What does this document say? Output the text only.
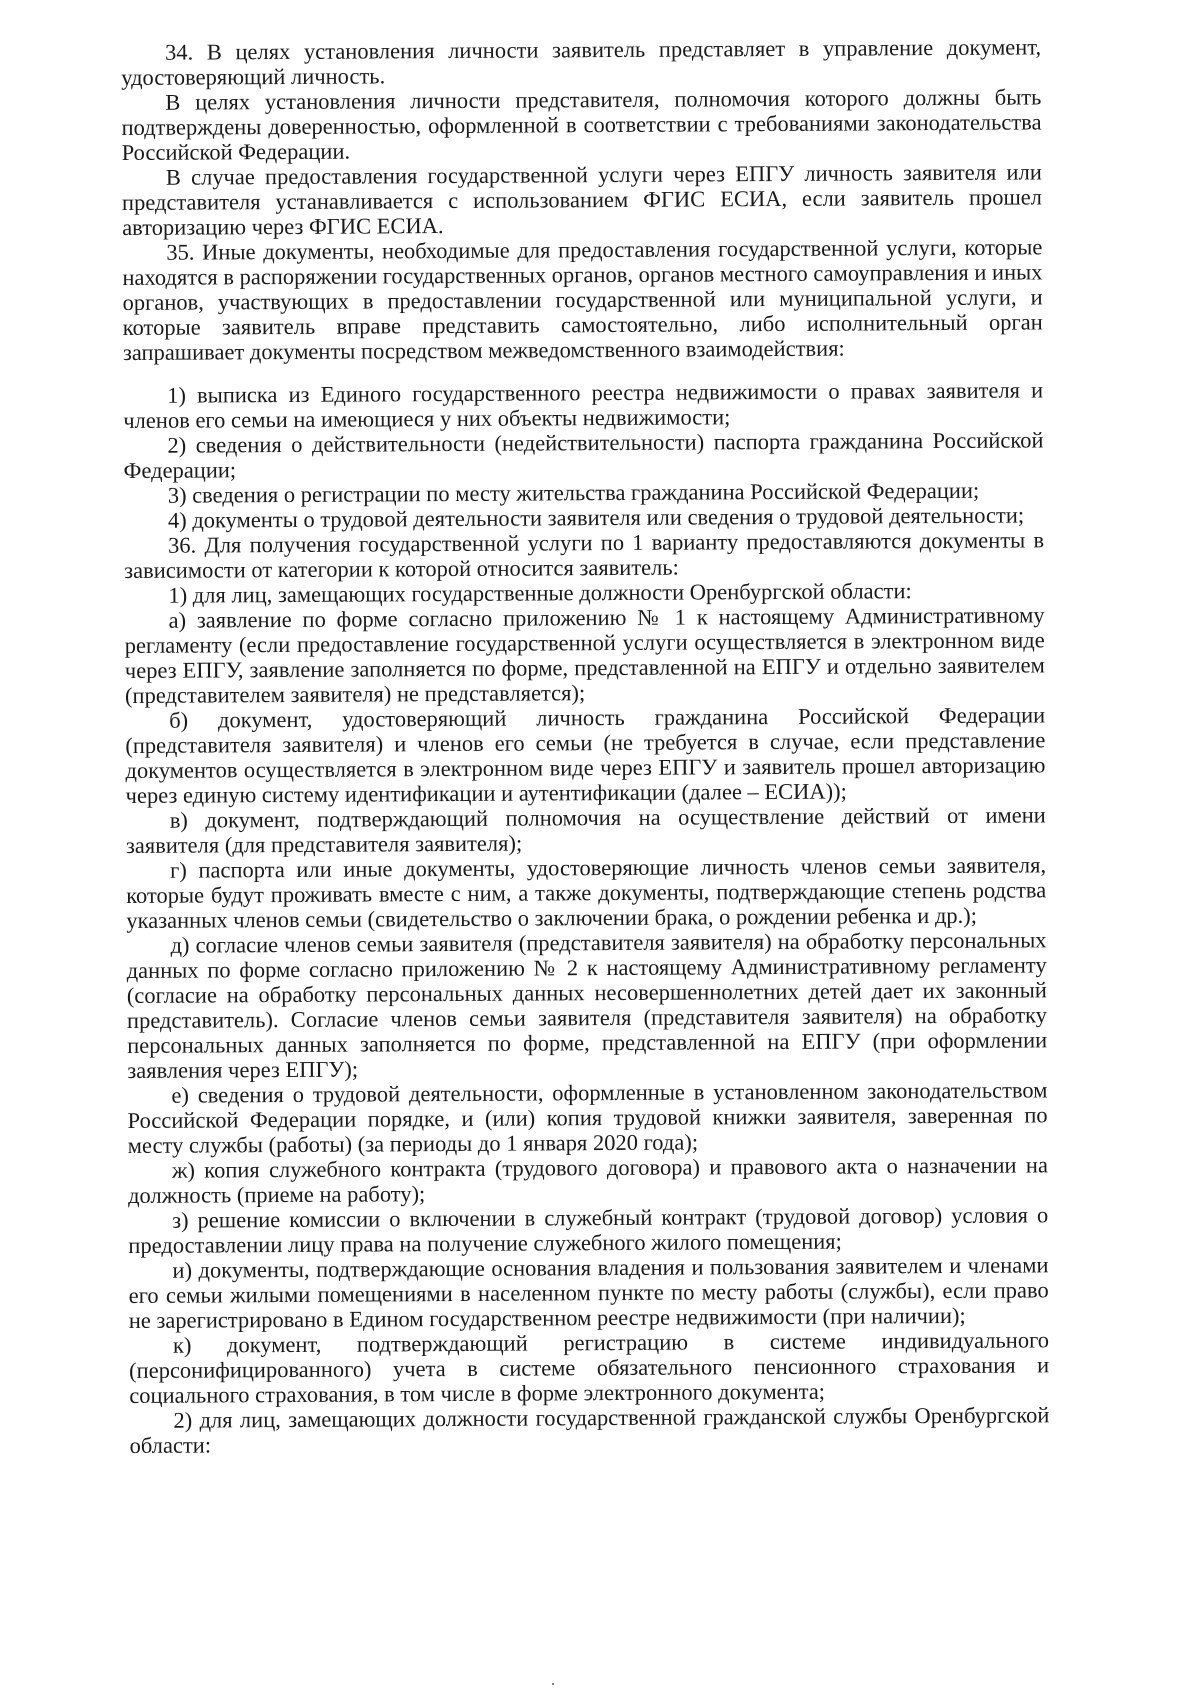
34. В целях установления личности заявитель представляет в управление документ, удостоверяющий личность.

В целях установления личности представителя, полномочия которого должны быть подтверждены доверенностью, оформленной в соответствии с требованиями законодательства Российской Федерации.

В случае предоставления государственной услуги через ЕПГУ личность заявителя или представителя устанавливается с использованием ФГИС ЕСИА, если заявитель прошел авторизацию через ФГИС ЕСИА.

35. Иные документы, необходимые для предоставления государственной услуги, которые находятся в распоряжении государственных органов, органов местного самоуправления и иных органов, участвующих в предоставлении государственной или муниципальной услуги, и которые заявитель вправе представить самостоятельно, либо исполнительный орган запрашивает документы посредством межведомственного взаимодействия:

1) выписка из Единого государственного реестра недвижимости о правах заявителя и членов его семьи на имеющиеся у них объекты недвижимости;

2) сведения о действительности (недействительности) паспорта гражданина Российской Федерации;

3) сведения о регистрации по месту жительства гражданина Российской Федерации;

4) документы о трудовой деятельности заявителя или сведения о трудовой деятельности;

36. Для получения государственной услуги по 1 варианту предоставляются документы в зависимости от категории к которой относится заявитель:

1) для лиц, замещающих государственные должности Оренбургской области:

а) заявление по форме согласно приложению № 1 к настоящему Административному регламенту (если предоставление государственной услуги осуществляется в электронном виде через ЕПГУ, заявление заполняется по форме, представленной на ЕПГУ и отдельно заявителем (представителем заявителя) не представляется);

б) документ, удостоверяющий личность гражданина Российской Федерации (представителя заявителя) и членов его семьи (не требуется в случае, если представление документов осуществляется в электронном виде через ЕПГУ и заявитель прошел авторизацию через единую систему идентификации и аутентификации (далее – ЕСИА));

в) документ, подтверждающий полномочия на осуществление действий от имени заявителя (для представителя заявителя);

г) паспорта или иные документы, удостоверяющие личность членов семьи заявителя, которые будут проживать вместе с ним, а также документы, подтверждающие степень родства указанных членов семьи (свидетельство о заключении брака, о рождении ребенка и др.);

д) согласие членов семьи заявителя (представителя заявителя) на обработку персональных данных по форме согласно приложению № 2 к настоящему Административному регламенту (согласие на обработку персональных данных несовершеннолетних детей дает их законный представитель). Согласие членов семьи заявителя (представителя заявителя) на обработку персональных данных заполняется по форме, представленной на ЕПГУ (при оформлении заявления через ЕПГУ);

е) сведения о трудовой деятельности, оформленные в установленном законодательством Российской Федерации порядке, и (или) копия трудовой книжки заявителя, заверенная по месту службы (работы) (за периоды до 1 января 2020 года);

ж) копия служебного контракта (трудового договора) и правового акта о назначении на должность (приеме на работу);

з) решение комиссии о включении в служебный контракт (трудовой договор) условия о предоставлении лицу права на получение служебного жилого помещения;

и) документы, подтверждающие основания владения и пользования заявителем и членами его семьи жилыми помещениями в населенном пункте по месту работы (службы), если право не зарегистрировано в Едином государственном реестре недвижимости (при наличии);

к) документ, подтверждающий регистрацию в системе индивидуального (персонифицированного) учета в системе обязательного пенсионного страхования и социального страхования, в том числе в форме электронного документа;

2) для лиц, замещающих должности государственной гражданской службы Оренбургской области:
